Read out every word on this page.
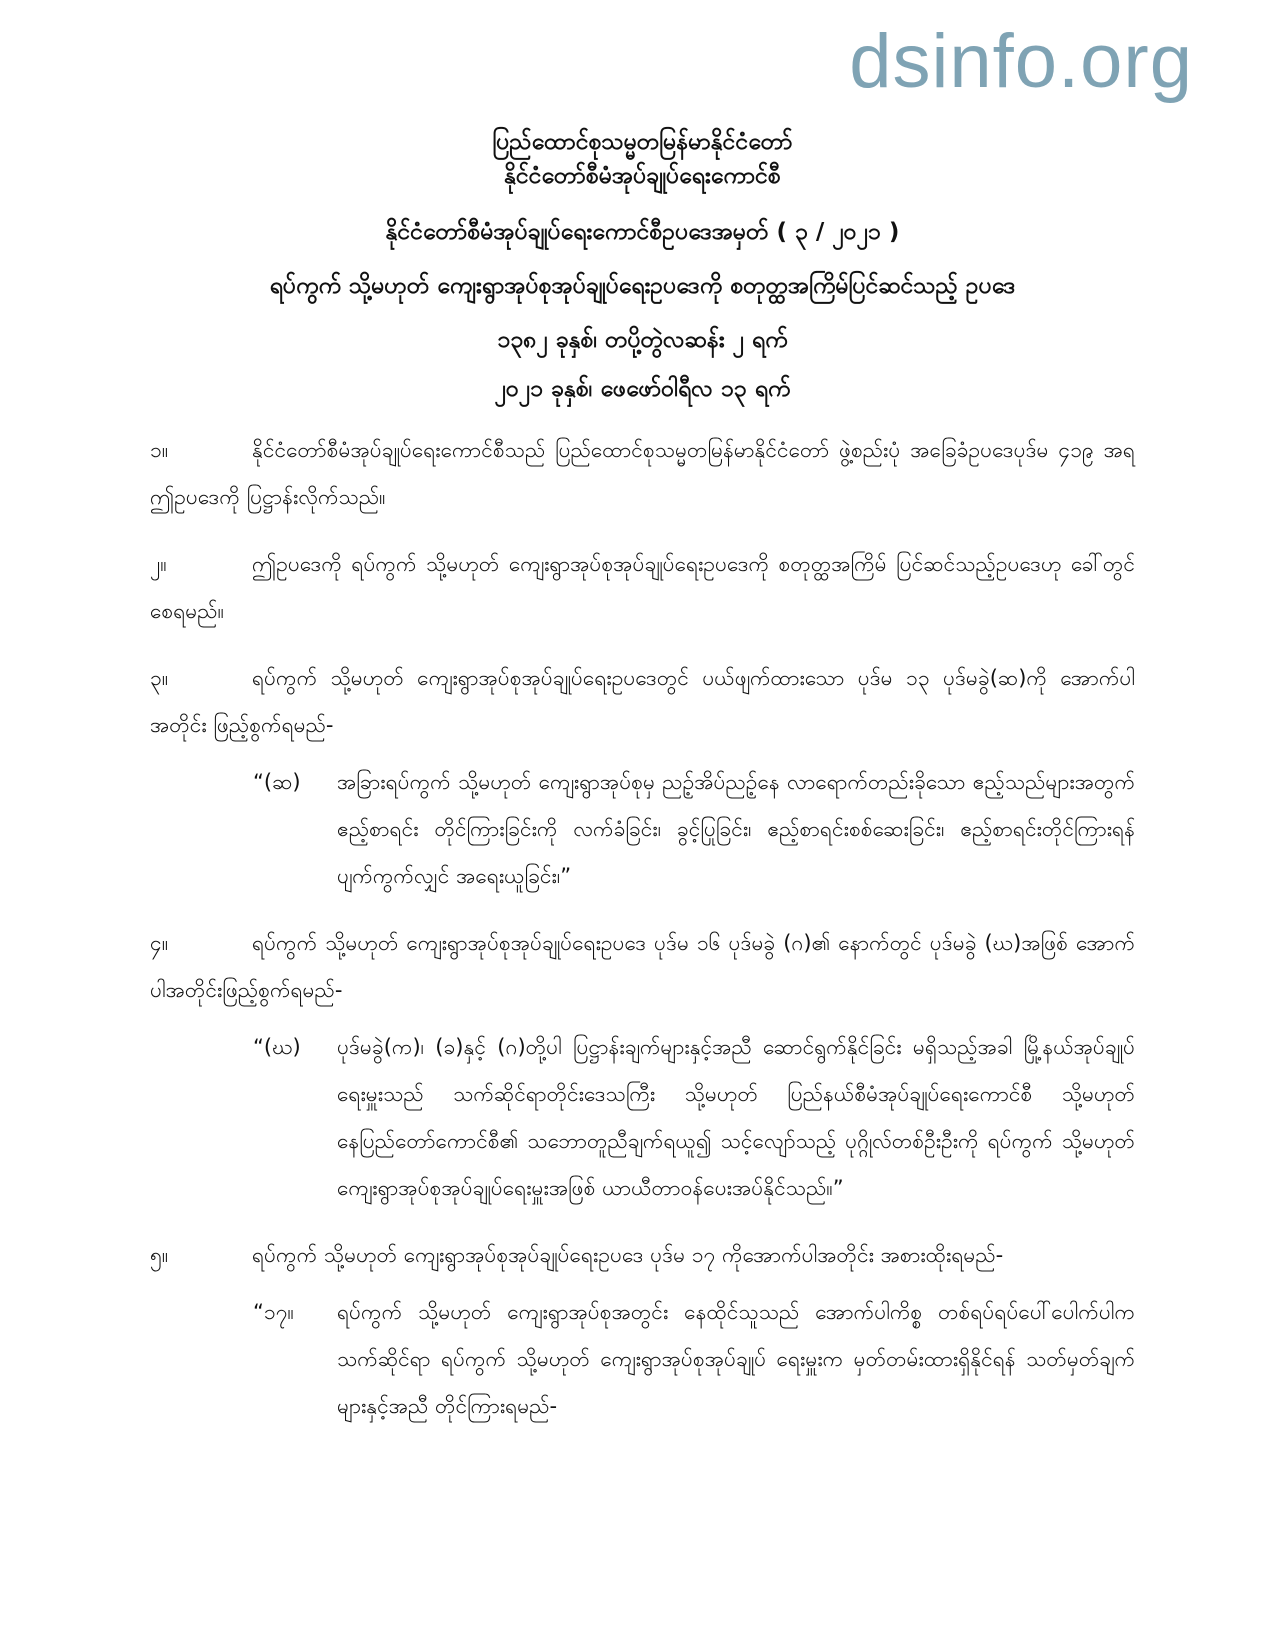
dsinfo.org
ပြည်ထောင်စုသမ္မတမြန်မာနိုင်ငံတော်
နိုင်ငံတော်စီမံအုပ်ချုပ်ရေးကောင်စီ
နိုင်ငံတော်စီမံအုပ်ချုပ်ရေးကောင်စီဥပဒေအမှတ် ( ၃ / ၂၀၂၁ )
ရပ်ကွက် သို့မဟုတ် ကျေးရွာအုပ်စုအုပ်ချုပ်ရေးဥပဒေကို စတုတ္ထအကြိမ်ပြင်ဆင်သည့် ဥပဒေ
၁၃၈၂ ခုနှစ်၊ တပို့တွဲလဆန်း ၂ ရက်
၂၀၂၁ ခုနှစ်၊ ဖေဖော်ဝါရီလ ၁၃ ရက်
၁။	နိုင်ငံတော်စီမံအုပ်ချုပ်ရေးကောင်စီသည် ပြည်ထောင်စုသမ္မတမြန်မာနိုင်ငံတော် ဖွဲ့စည်းပုံ အခြေခံဥပဒေပုဒ်မ ၄၁၉ အရ ဤဥပဒေကို ပြဋ္ဌာန်းလိုက်သည်။
၂။	ဤဥပဒေကို ရပ်ကွက် သို့မဟုတ် ကျေးရွာအုပ်စုအုပ်ချုပ်ရေးဥပဒေကို စတုတ္ထအကြိမ် ပြင်ဆင်သည့်ဥပဒေဟု ခေါ်တွင်စေရမည်။
၃။	ရပ်ကွက် သို့မဟုတ် ကျေးရွာအုပ်စုအုပ်ချုပ်ရေးဥပဒေတွင် ပယ်ဖျက်ထားသော ပုဒ်မ ၁၃ ပုဒ်မခွဲ(ဆ)ကို အောက်ပါ အတိုင်း ဖြည့်စွက်ရမည်-
“(ဆ)	အခြားရပ်ကွက် သို့မဟုတ် ကျေးရွာအုပ်စုမှ ညဥ့်အိပ်ညဥ့်နေ လာရောက်တည်းခိုသော ဧည့်သည်များအတွက် ဧည့်စာရင်း တိုင်ကြားခြင်းကို လက်ခံခြင်း၊ ခွင့်ပြုခြင်း၊ ဧည့်စာရင်းစစ်ဆေးခြင်း၊ ဧည့်စာရင်းတိုင်ကြားရန် ပျက်ကွက်လျှင် အရေးယူခြင်း၊”
၄။	ရပ်ကွက် သို့မဟုတ် ကျေးရွာအုပ်စုအုပ်ချုပ်ရေးဥပဒေ ပုဒ်မ ၁၆ ပုဒ်မခွဲ (ဂ)၏ နောက်တွင် ပုဒ်မခွဲ (ဃ)အဖြစ် အောက်ပါအတိုင်းဖြည့်စွက်ရမည်-
“(ဃ)	ပုဒ်မခွဲ(က)၊ (ခ)နှင့် (ဂ)တို့ပါ ပြဋ္ဌာန်းချက်များနှင့်အညီ ဆောင်ရွက်နိုင်ခြင်း မရှိသည့်အခါ မြို့နယ်အုပ်ချုပ်ရေးမှူးသည် သက်ဆိုင်ရာတိုင်းဒေသကြီး သို့မဟုတ် ပြည်နယ်စီမံအုပ်ချုပ်ရေးကောင်စီ သို့မဟုတ် နေပြည်တော်ကောင်စီ၏ သဘောတူညီချက်ရယူ၍ သင့်လျော်သည့် ပုဂ္ဂိုလ်တစ်ဦးဦးကို ရပ်ကွက် သို့မဟုတ် ကျေးရွာအုပ်စုအုပ်ချုပ်ရေးမှူးအဖြစ် ယာယီတာဝန်ပေးအပ်နိုင်သည်။”
၅။	ရပ်ကွက် သို့မဟုတ် ကျေးရွာအုပ်စုအုပ်ချုပ်ရေးဥပဒေ ပုဒ်မ ၁၇ ကိုအောက်ပါအတိုင်း အစားထိုးရမည်-
“၁၇။	ရပ်ကွက် သို့မဟုတ် ကျေးရွာအုပ်စုအတွင်း နေထိုင်သူသည် အောက်ပါကိစ္စ တစ်ရပ်ရပ်ပေါ်ပေါက်ပါက သက်ဆိုင်ရာ ရပ်ကွက် သို့မဟုတ် ကျေးရွာအုပ်စုအုပ်ချုပ် ရေးမှူးက မှတ်တမ်းထားရှိနိုင်ရန် သတ်မှတ်ချက်များနှင့်အညီ တိုင်ကြားရမည်-
